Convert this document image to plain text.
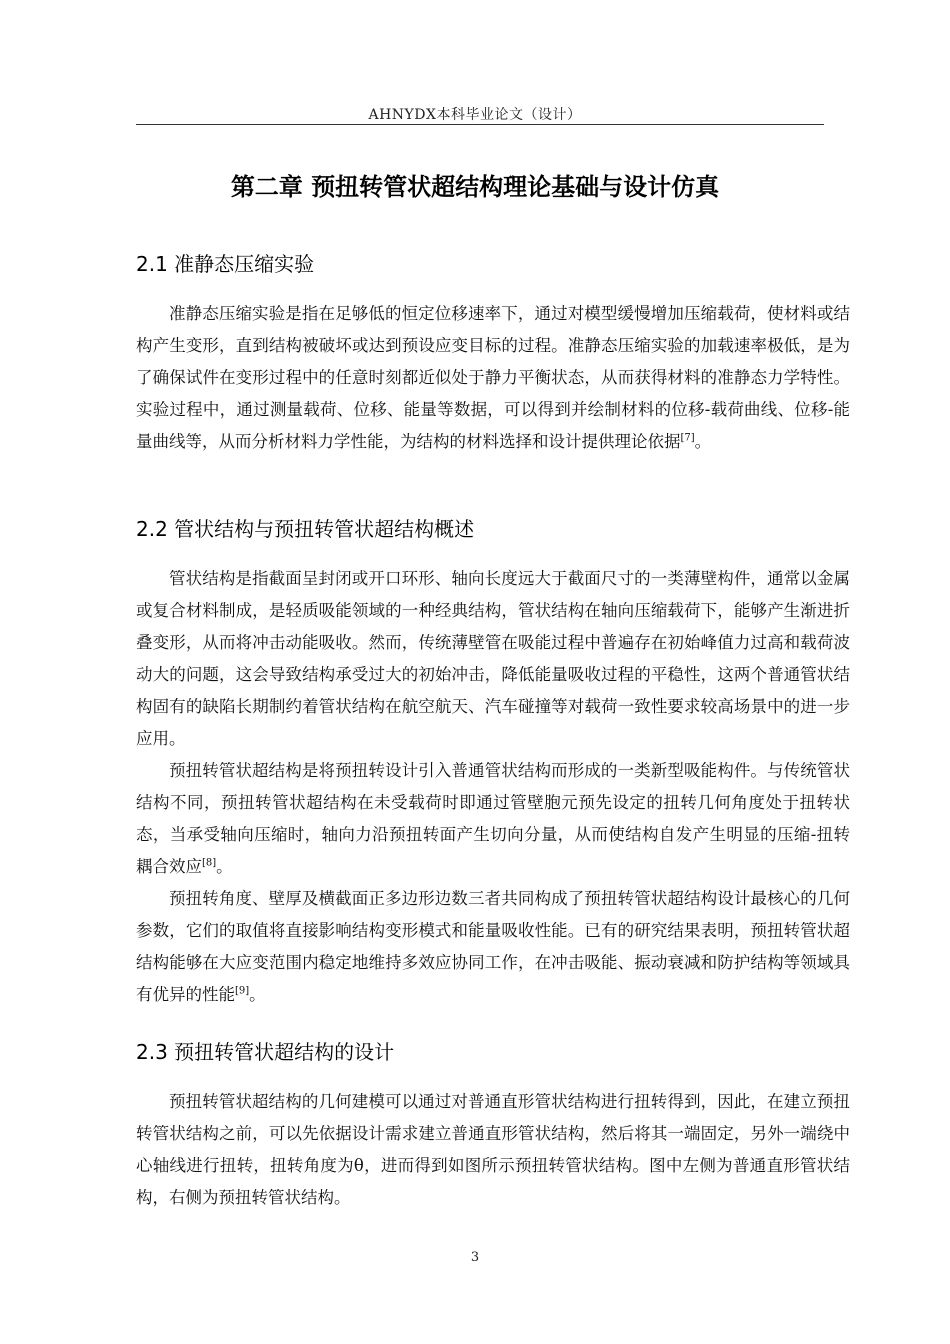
AHNYDX本科毕业论文（设计）
第二章 预扭转管状超结构理论基础与设计仿真
2.1 准静态压缩实验

准静态压缩实验是指在足够低的恒定位移速率下，通过对模型缓慢增加压缩载荷，使材料或结构产生变形，直到结构被破坏或达到预设应变目标的过程。准静态压缩实验的加载速率极低，是为了确保试件在变形过程中的任意时刻都近似处于静力平衡状态，从而获得材料的准静态力学特性。实验过程中，通过测量载荷、位移、能量等数据，可以得到并绘制材料的位移-载荷曲线、位移-能量曲线等，从而分析材料力学性能，为结构的材料选择和设计提供理论依据[7]。

2.2 管状结构与预扭转管状超结构概述

管状结构是指截面呈封闭或开口环形、轴向长度远大于截面尺寸的一类薄壁构件，通常以金属或复合材料制成，是轻质吸能领域的一种经典结构，管状结构在轴向压缩载荷下，能够产生渐进折叠变形，从而将冲击动能吸收。然而，传统薄壁管在吸能过程中普遍存在初始峰值力过高和载荷波动大的问题，这会导致结构承受过大的初始冲击，降低能量吸收过程的平稳性，这两个普通管状结构固有的缺陷长期制约着管状结构在航空航天、汽车碰撞等对载荷一致性要求较高场景中的进一步应用。

预扭转管状超结构是将预扭转设计引入普通管状结构而形成的一类新型吸能构件。与传统管状结构不同，预扭转管状超结构在未受载荷时即通过管壁胞元预先设定的扭转几何角度处于扭转状态，当承受轴向压缩时，轴向力沿预扭转面产生切向分量，从而使结构自发产生明显的压缩-扭转耦合效应[8]。

预扭转角度、壁厚及横截面正多边形边数三者共同构成了预扭转管状超结构设计最核心的几何参数，它们的取值将直接影响结构变形模式和能量吸收性能。已有的研究结果表明，预扭转管状超结构能够在大应变范围内稳定地维持多效应协同工作，在冲击吸能、振动衰减和防护结构等领域具有优异的性能[9]。

2.3 预扭转管状超结构的设计

预扭转管状超结构的几何建模可以通过对普通直形管状结构进行扭转得到，因此，在建立预扭转管状结构之前，可以先依据设计需求建立普通直形管状结构，然后将其一端固定，另外一端绕中心轴线进行扭转，扭转角度为θ，进而得到如图所示预扭转管状结构。图中左侧为普通直形管状结构，右侧为预扭转管状结构。

3
